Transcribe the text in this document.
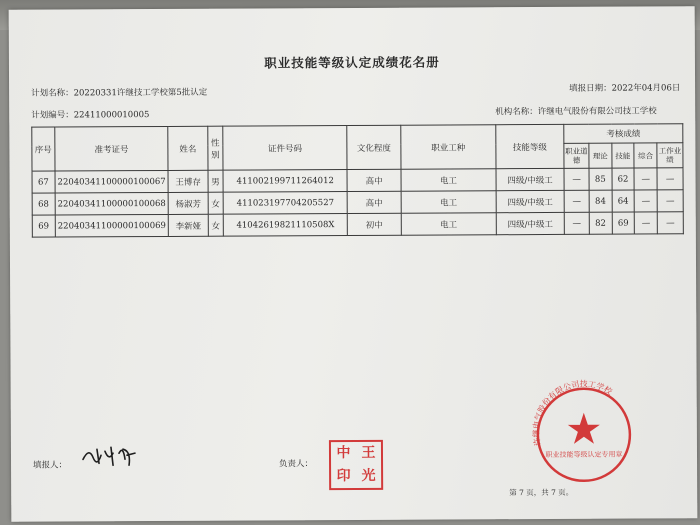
职业技能等级认定成绩花名册
计划名称：20220331许继技工学校第5批认定	填报日期：2022年04月06日
计划编号：22411000010005	机构名称：许继电气股份有限公司技工学校
序号	准考证号	姓名	性别	证件号码	文化程度	职业工种	技能等级	考核成绩				
								职业道德	理论	技能	综合	工作业绩
67	22040341100000100067	王博存	男	411002199711264012	高中	电工	四级/中级工	—	85	62	—	—
68	22040341100000100068	杨淑芳	女	411023197704205527	高中	电工	四级/中级工	—	84	64	—	—
69	22040341100000100069	李新娅	女	41042619821110508X	初中	电工	四级/中级工	—	82	69	—	—
填报人：	负责人：
中 王
印 光
许继电气股份有限公司技工学校
职业技能等级认定专用章
第 7 页，共 7 页。
